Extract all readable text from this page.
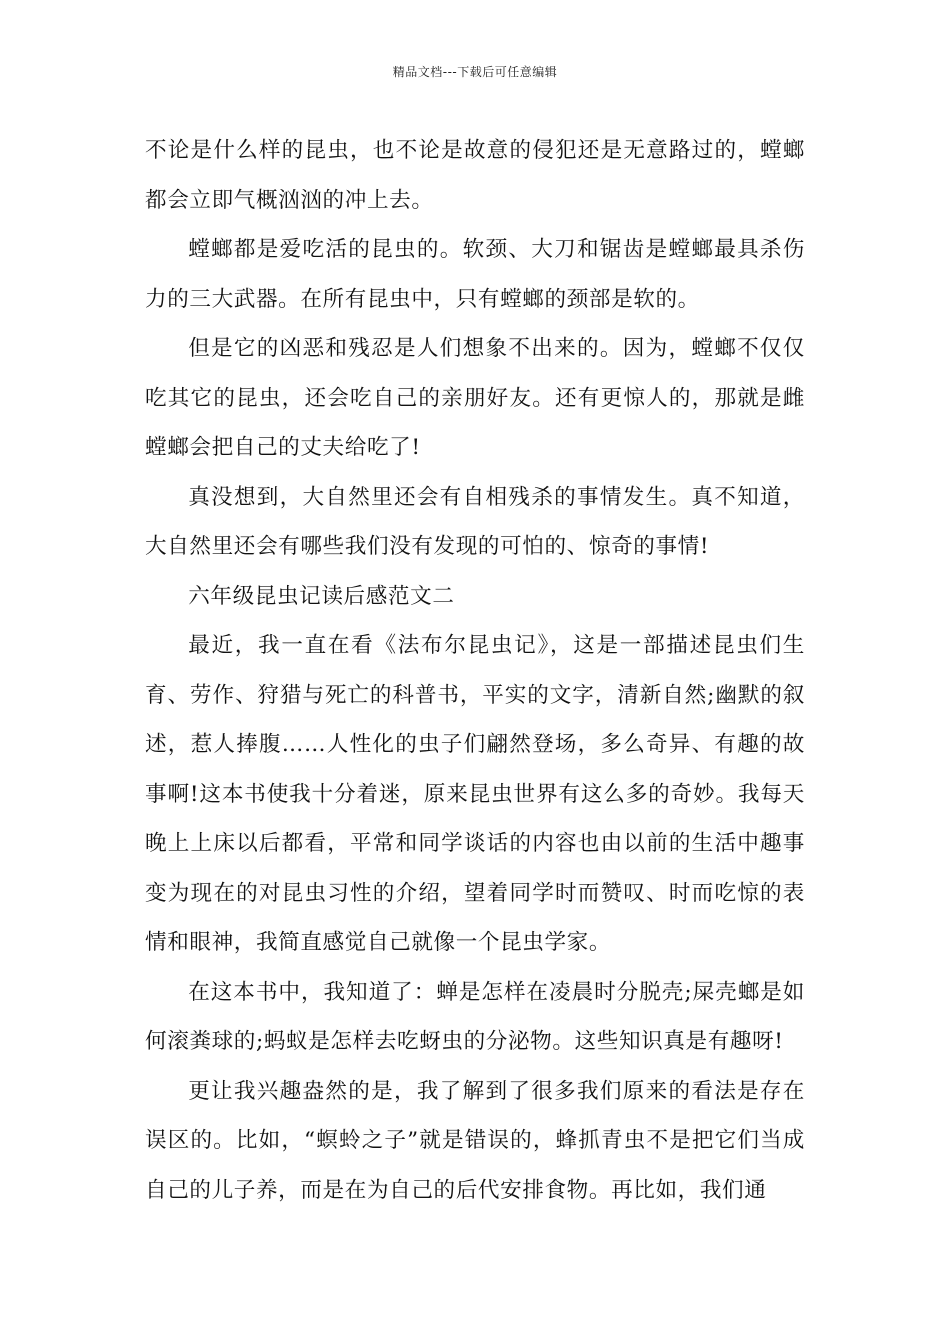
精品文档---下载后可任意编辑

不论是什么样的昆虫，也不论是故意的侵犯还是无意路过的，螳螂都会立即气概汹汹的冲上去。

螳螂都是爱吃活的昆虫的。软颈、大刀和锯齿是螳螂最具杀伤力的三大武器。在所有昆虫中，只有螳螂的颈部是软的。

但是它的凶恶和残忍是人们想象不出来的。因为，螳螂不仅仅吃其它的昆虫，还会吃自己的亲朋好友。还有更惊人的，那就是雌螳螂会把自己的丈夫给吃了!

真没想到，大自然里还会有自相残杀的事情发生。真不知道，大自然里还会有哪些我们没有发现的可怕的、惊奇的事情!

六年级昆虫记读后感范文二

最近，我一直在看《法布尔昆虫记》，这是一部描述昆虫们生育、劳作、狩猎与死亡的科普书，平实的文字，清新自然;幽默的叙述，惹人捧腹……人性化的虫子们翩然登场，多么奇异、有趣的故事啊!这本书使我十分着迷，原来昆虫世界有这么多的奇妙。我每天晚上上床以后都看，平常和同学谈话的内容也由以前的生活中趣事变为现在的对昆虫习性的介绍，望着同学时而赞叹、时而吃惊的表情和眼神，我简直感觉自己就像一个昆虫学家。

在这本书中，我知道了：蝉是怎样在凌晨时分脱壳;屎壳螂是如何滚粪球的;蚂蚁是怎样去吃蚜虫的分泌物。这些知识真是有趣呀!

更让我兴趣盎然的是，我了解到了很多我们原来的看法是存在误区的。比如，“螟蛉之子”就是错误的，蜂抓青虫不是把它们当成自己的儿子养，而是在为自己的后代安排食物。再比如，我们通
